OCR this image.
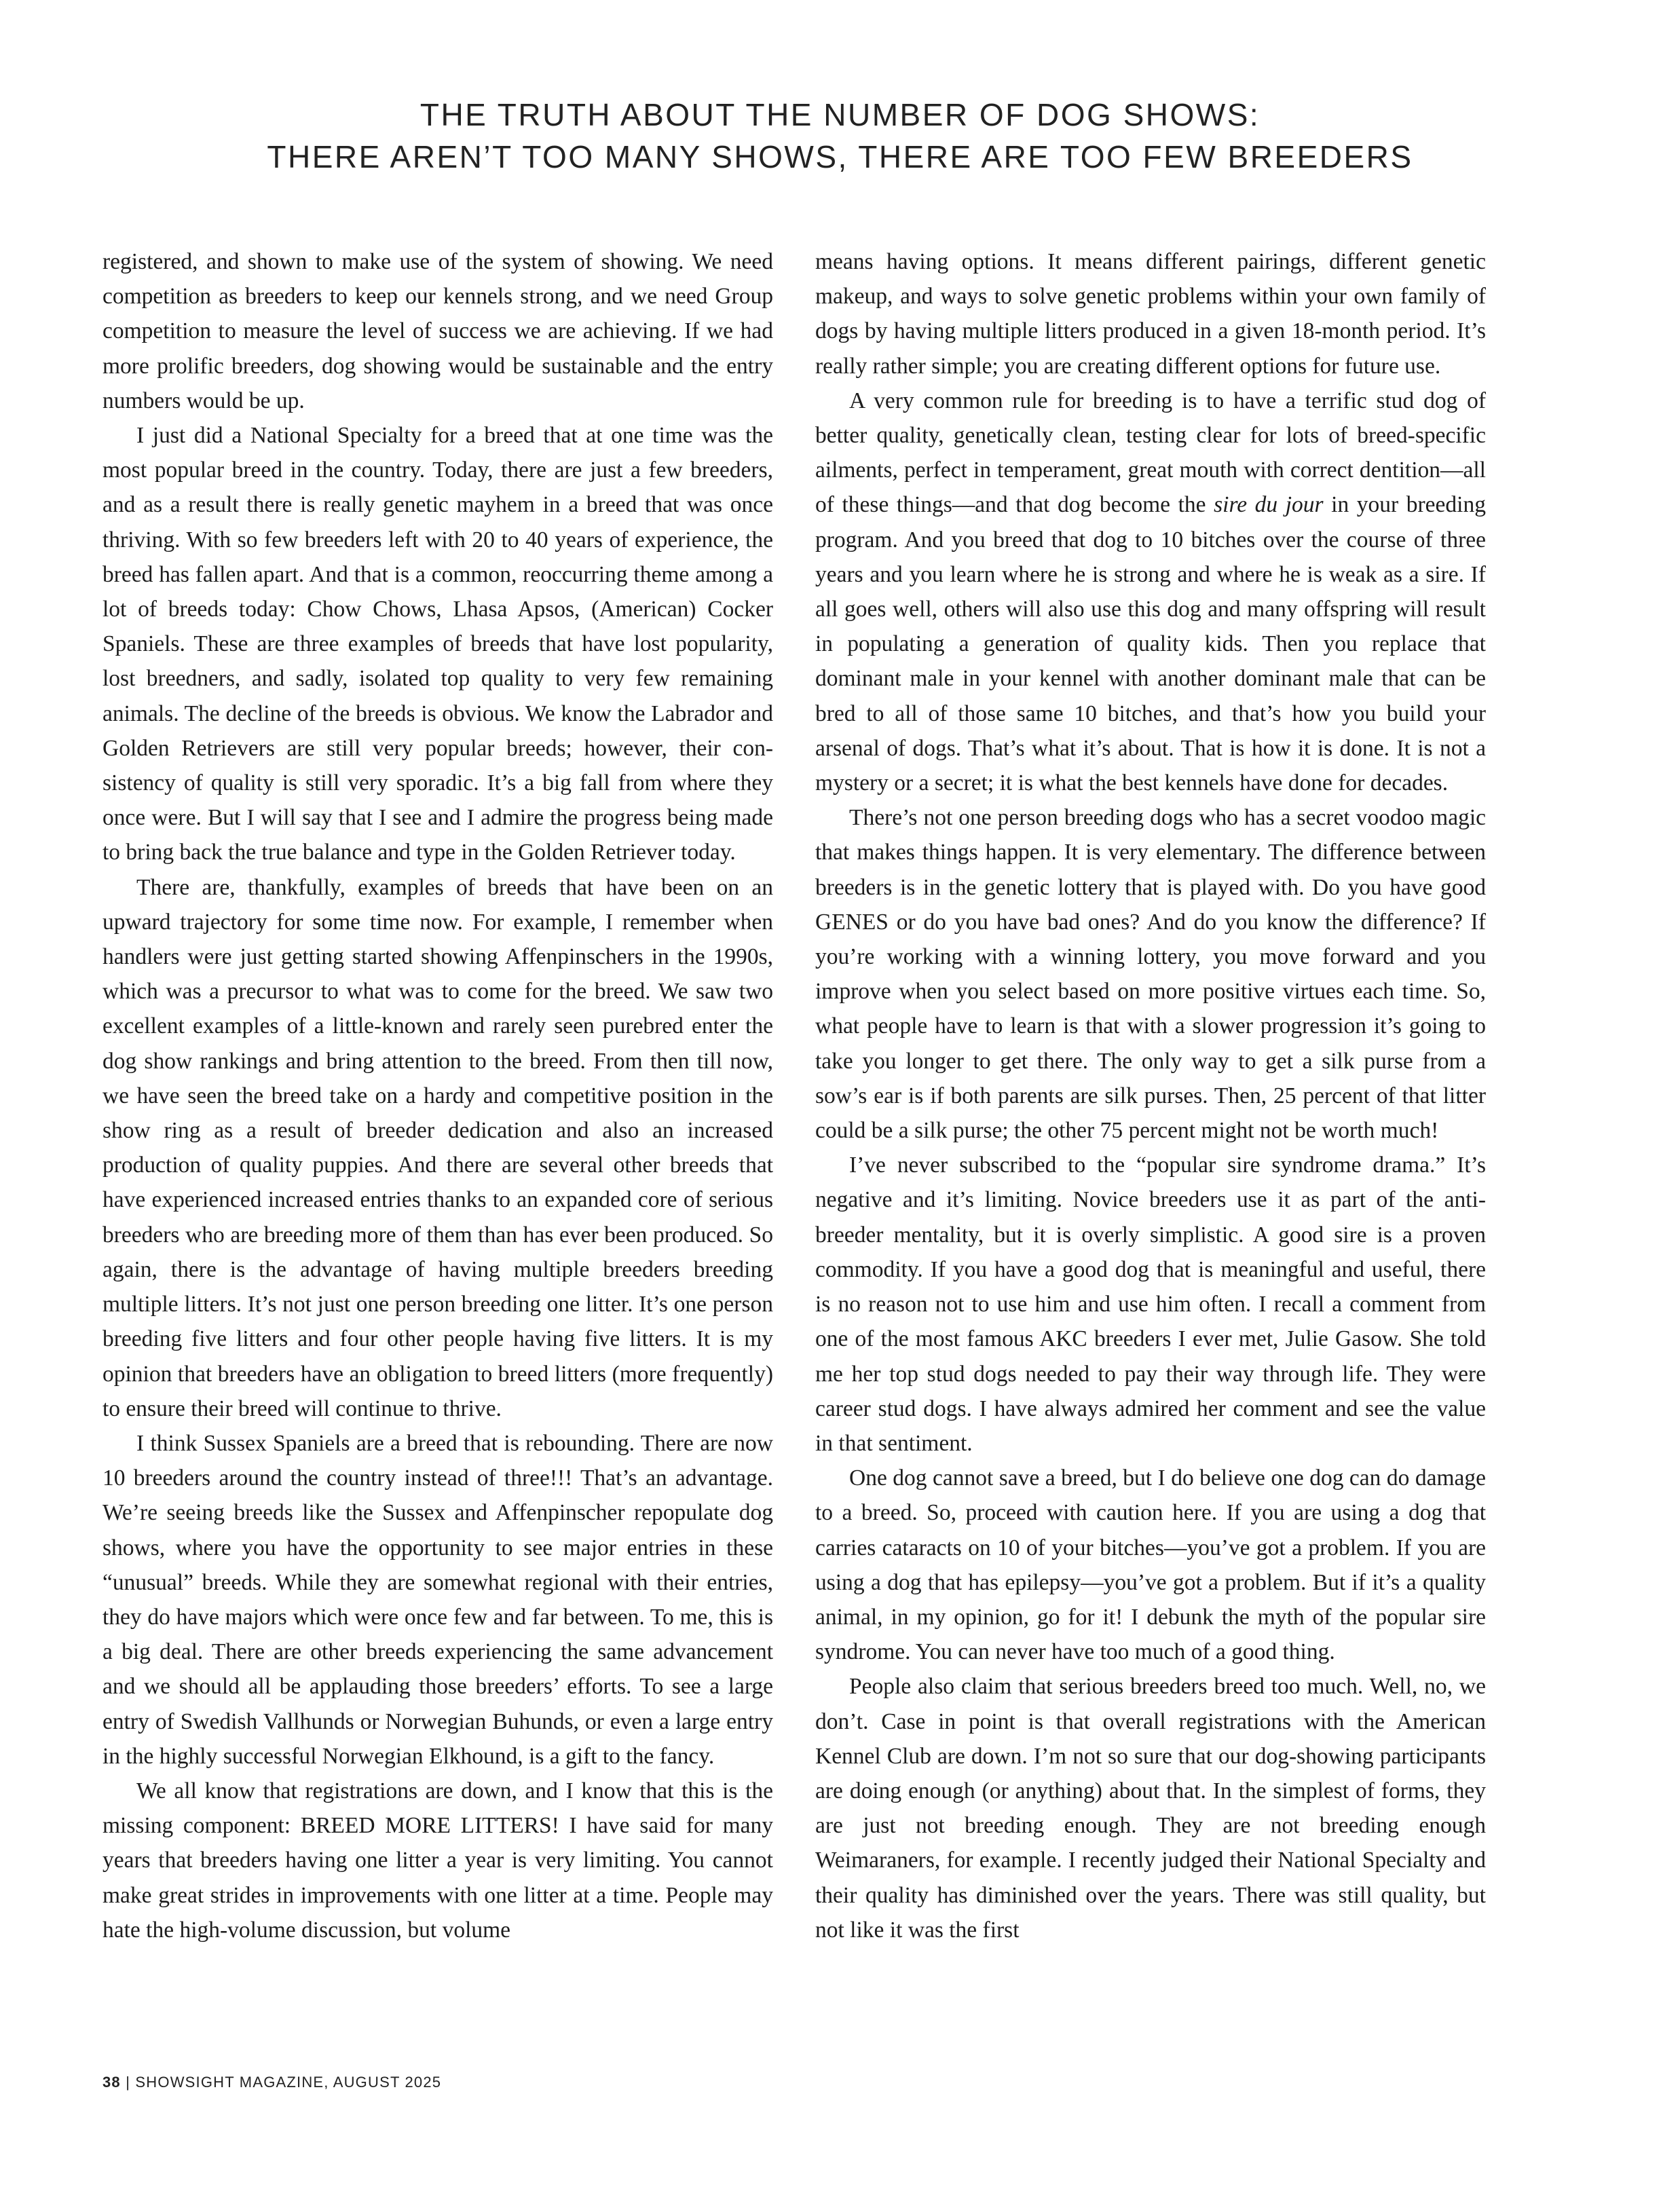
THE TRUTH ABOUT THE NUMBER OF DOG SHOWS:
THERE AREN’T TOO MANY SHOWS, THERE ARE TOO FEW BREEDERS

registered, and shown to make use of the system of showing. We need competition as breeders to keep our kennels strong, and we need Group competition to measure the level of success we are achieving. If we had more prolific breeders, dog showing would be sustainable and the entry numbers would be up.

I just did a National Specialty for a breed that at one time was the most popular breed in the country. Today, there are just a few breeders, and as a result there is really genetic mayhem in a breed that was once thriving. With so few breeders left with 20 to 40 years of experience, the breed has fallen apart. And that is a common, reoccurring theme among a lot of breeds today: Chow Chows, Lhasa Apsos, (American) Cocker Spaniels. These are three examples of breeds that have lost popularity, lost breedners, and sadly, isolated top quality to very few remaining animals. The decline of the breeds is obvious. We know the Labrador and Golden Retrievers are still very popular breeds; however, their consistency of quality is still very sporadic. It’s a big fall from where they once were. But I will say that I see and I admire the progress being made to bring back the true balance and type in the Golden Retriever today.

There are, thankfully, examples of breeds that have been on an upward trajectory for some time now. For example, I remember when handlers were just getting started showing Affenpinschers in the 1990s, which was a precursor to what was to come for the breed. We saw two excellent examples of a little-known and rarely seen purebred enter the dog show rankings and bring attention to the breed. From then till now, we have seen the breed take on a hardy and competitive position in the show ring as a result of breeder dedication and also an increased production of quality puppies. And there are several other breeds that have experienced increased entries thanks to an expanded core of serious breeders who are breeding more of them than has ever been produced. So again, there is the advantage of having multiple breeders breeding multiple litters. It’s not just one person breeding one litter. It’s one person breeding five litters and four other people having five litters. It is my opinion that breeders have an obligation to breed litters (more frequently) to ensure their breed will continue to thrive.

I think Sussex Spaniels are a breed that is rebounding. There are now 10 breeders around the country instead of three!!! That’s an advantage. We’re seeing breeds like the Sussex and Affenpinscher repopulate dog shows, where you have the opportunity to see major entries in these “unusual” breeds. While they are somewhat regional with their entries, they do have majors which were once few and far between. To me, this is a big deal. There are other breeds experiencing the same advancement and we should all be applauding those breeders’ efforts. To see a large entry of Swedish Vallhunds or Norwegian Buhunds, or even a large entry in the highly successful Norwegian Elkhound, is a gift to the fancy.

We all know that registrations are down, and I know that this is the missing component: BREED MORE LITTERS! I have said for many years that breeders having one litter a year is very limiting. You cannot make great strides in improvements with one litter at a time. People may hate the high-volume discussion, but volume

means having options. It means different pairings, different genetic makeup, and ways to solve genetic problems within your own family of dogs by having multiple litters produced in a given 18-month period. It’s really rather simple; you are creating different options for future use.

A very common rule for breeding is to have a terrific stud dog of better quality, genetically clean, testing clear for lots of breed-specific ailments, perfect in temperament, great mouth with correct dentition—all of these things—and that dog become the sire du jour in your breeding program. And you breed that dog to 10 bitches over the course of three years and you learn where he is strong and where he is weak as a sire. If all goes well, others will also use this dog and many offspring will result in populating a generation of quality kids. Then you replace that dominant male in your kennel with another dominant male that can be bred to all of those same 10 bitches, and that’s how you build your arsenal of dogs. That’s what it’s about. That is how it is done. It is not a mystery or a secret; it is what the best kennels have done for decades.

There’s not one person breeding dogs who has a secret voodoo magic that makes things happen. It is very elementary. The difference between breeders is in the genetic lottery that is played with. Do you have good GENES or do you have bad ones? And do you know the difference? If you’re working with a winning lottery, you move forward and you improve when you select based on more positive virtues each time. So, what people have to learn is that with a slower progression it’s going to take you longer to get there. The only way to get a silk purse from a sow’s ear is if both parents are silk purses. Then, 25 percent of that litter could be a silk purse; the other 75 percent might not be worth much!

I’ve never subscribed to the “popular sire syndrome drama.” It’s negative and it’s limiting. Novice breeders use it as part of the anti-breeder mentality, but it is overly simplistic. A good sire is a proven commodity. If you have a good dog that is meaningful and useful, there is no reason not to use him and use him often. I recall a comment from one of the most famous AKC breeders I ever met, Julie Gasow. She told me her top stud dogs needed to pay their way through life. They were career stud dogs. I have always admired her comment and see the value in that sentiment.

One dog cannot save a breed, but I do believe one dog can do damage to a breed. So, proceed with caution here. If you are using a dog that carries cataracts on 10 of your bitches—you’ve got a problem. If you are using a dog that has epilepsy—you’ve got a problem. But if it’s a quality animal, in my opinion, go for it! I debunk the myth of the popular sire syndrome. You can never have too much of a good thing.

People also claim that serious breeders breed too much. Well, no, we don’t. Case in point is that overall registrations with the American Kennel Club are down. I’m not so sure that our dog-showing participants are doing enough (or anything) about that. In the simplest of forms, they are just not breeding enough. They are not breeding enough Weimaraners, for example. I recently judged their National Specialty and their quality has diminished over the years. There was still quality, but not like it was the first

38 | SHOWSIGHT MAGAZINE, AUGUST 2025
